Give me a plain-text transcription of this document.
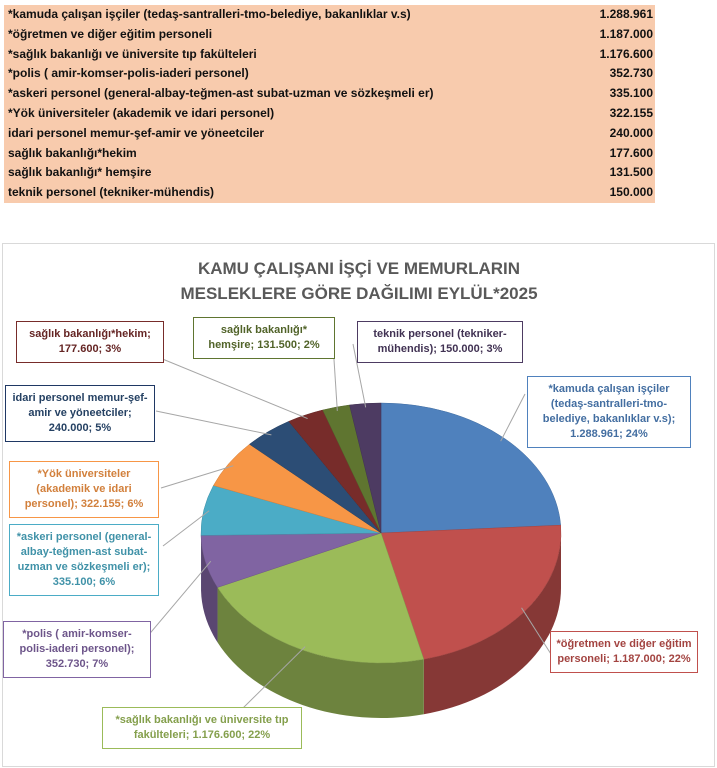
*kamuda çalışan işçiler (tedaş-santralleri-tmo-belediye, bakanlıklar v.s)	1.288.961
*öğretmen ve diğer eğitim personeli	1.187.000
*sağlık bakanlığı ve üniversite tıp fakülteleri	1.176.600
*polis ( amir-komser-polis-iaderi personel)	352.730
*askeri personel (general-albay-teğmen-ast subat-uzman ve sözkeşmeli er)	335.100
*Yök üniversiteler (akademik ve idari personel)	322.155
idari personel memur-şef-amir ve yöneetciler	240.000
sağlık bakanlığı*hekim	177.600
sağlık bakanlığı* hemşire	131.500
teknik personel (tekniker-mühendis)	150.000
KAMU ÇALIŞANI İŞÇİ VE MEMURLARIN
MESLEKLERE GÖRE DAĞILIMI EYLÜL*2025
*kamuda çalışan işçiler
(tedaş-santralleri-tmo-
belediye, bakanlıklar v.s);
1.288.961; 24%
*öğretmen ve diğer eğitim
personeli; 1.187.000; 22%
*sağlık bakanlığı ve üniversite tıp
fakülteleri; 1.176.600; 22%
*polis ( amir-komser-
polis-iaderi personel);
352.730; 7%
*askeri personel (general-
albay-teğmen-ast subat-
uzman ve sözkeşmeli er);
335.100; 6%
*Yök üniversiteler
(akademik ve idari
personel); 322.155; 6%
idari personel memur-şef-
amir ve yöneetciler;
240.000; 5%
sağlık bakanlığı*hekim;
177.600; 3%
sağlık bakanlığı*
hemşire; 131.500; 2%
teknik personel (tekniker-
mühendis); 150.000; 3%
